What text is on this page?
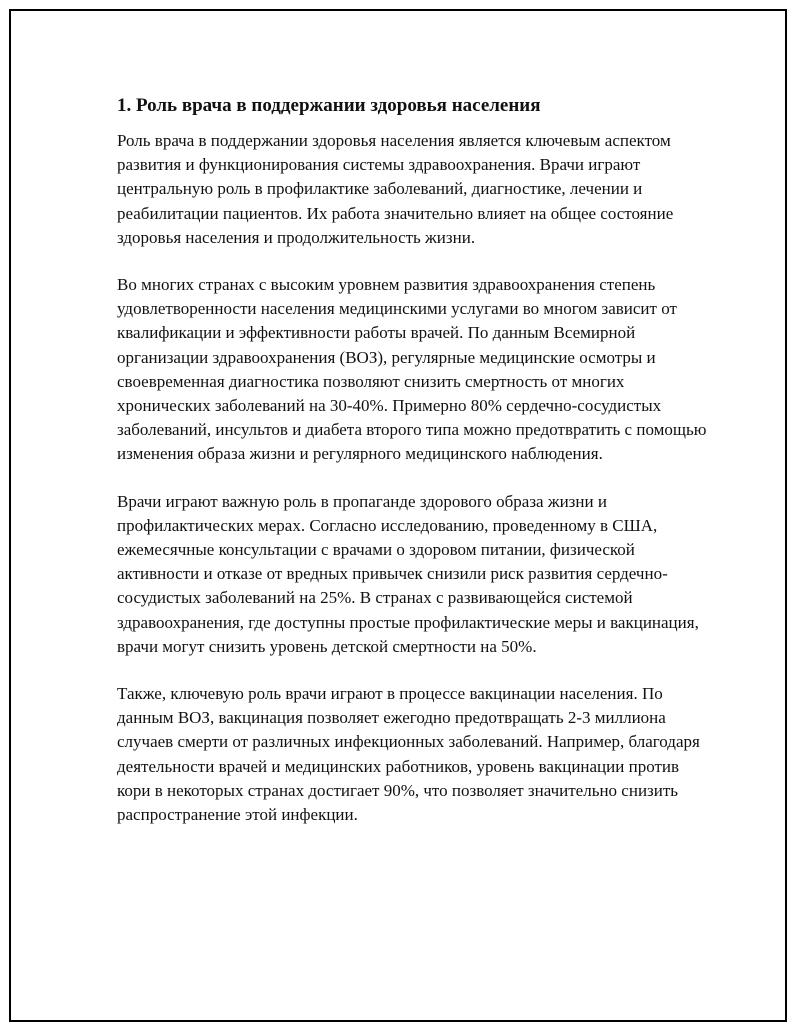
1. Роль врача в поддержании здоровья населения

Роль врача в поддержании здоровья населения является ключевым аспектом развития и функционирования системы здравоохранения. Врачи играют центральную роль в профилактике заболеваний, диагностике, лечении и реабилитации пациентов. Их работа значительно влияет на общее состояние здоровья населения и продолжительность жизни.

Во многих странах с высоким уровнем развития здравоохранения степень удовлетворенности населения медицинскими услугами во многом зависит от квалификации и эффективности работы врачей. По данным Всемирной организации здравоохранения (ВОЗ), регулярные медицинские осмотры и своевременная диагностика позволяют снизить смертность от многих хронических заболеваний на 30-40%. Примерно 80% сердечно-сосудистых заболеваний, инсультов и диабета второго типа можно предотвратить с помощью изменения образа жизни и регулярного медицинского наблюдения.

Врачи играют важную роль в пропаганде здорового образа жизни и профилактических мерах. Согласно исследованию, проведенному в США, ежемесячные консультации с врачами о здоровом питании, физической активности и отказе от вредных привычек снизили риск развития сердечно-сосудистых заболеваний на 25%. В странах с развивающейся системой здравоохранения, где доступны простые профилактические меры и вакцинация, врачи могут снизить уровень детской смертности на 50%.

Также, ключевую роль врачи играют в процессе вакцинации населения. По данным ВОЗ, вакцинация позволяет ежегодно предотвращать 2-3 миллиона случаев смерти от различных инфекционных заболеваний. Например, благодаря деятельности врачей и медицинских работников, уровень вакцинации против кори в некоторых странах достигает 90%, что позволяет значительно снизить распространение этой инфекции.
